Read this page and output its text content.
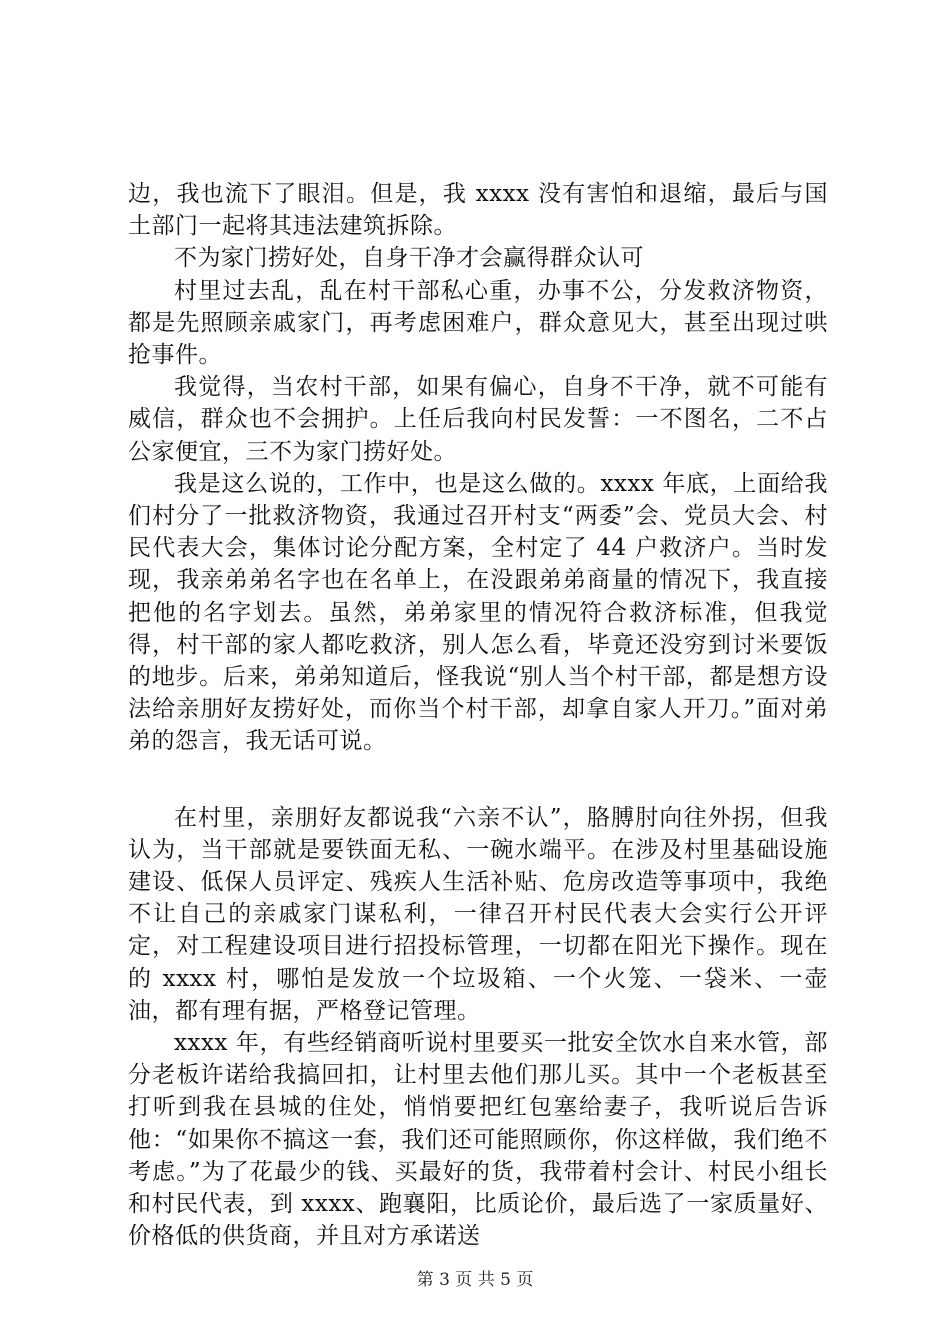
边，我也流下了眼泪。但是，我 xxxx 没有害怕和退缩，最后与国土部门一起将其违法建筑拆除。

不为家门捞好处，自身干净才会赢得群众认可

村里过去乱，乱在村干部私心重，办事不公，分发救济物资，都是先照顾亲戚家门，再考虑困难户，群众意见大，甚至出现过哄抢事件。

我觉得，当农村干部，如果有偏心，自身不干净，就不可能有威信，群众也不会拥护。上任后我向村民发誓：一不图名，二不占公家便宜，三不为家门捞好处。

我是这么说的，工作中，也是这么做的。xxxx 年底，上面给我们村分了一批救济物资，我通过召开村支“两委”会、党员大会、村民代表大会，集体讨论分配方案，全村定了 44 户救济户。当时发现，我亲弟弟名字也在名单上，在没跟弟弟商量的情况下，我直接把他的名字划去。虽然，弟弟家里的情况符合救济标准，但我觉得，村干部的家人都吃救济，别人怎么看，毕竟还没穷到讨米要饭的地步。后来，弟弟知道后，怪我说“别人当个村干部，都是想方设法给亲朋好友捞好处，而你当个村干部，却拿自家人开刀。”面对弟弟的怨言，我无话可说。

在村里，亲朋好友都说我“六亲不认”，胳膊肘向往外拐，但我认为，当干部就是要铁面无私、一碗水端平。在涉及村里基础设施建设、低保人员评定、残疾人生活补贴、危房改造等事项中，我绝不让自己的亲戚家门谋私利，一律召开村民代表大会实行公开评定，对工程建设项目进行招投标管理，一切都在阳光下操作。现在的 xxxx 村，哪怕是发放一个垃圾箱、一个火笼、一袋米、一壶油，都有理有据，严格登记管理。

xxxx 年，有些经销商听说村里要买一批安全饮水自来水管，部分老板许诺给我搞回扣，让村里去他们那儿买。其中一个老板甚至打听到我在县城的住处，悄悄要把红包塞给妻子，我听说后告诉他：“如果你不搞这一套，我们还可能照顾你，你这样做，我们绝不考虑。”为了花最少的钱、买最好的货，我带着村会计、村民小组长和村民代表，到 xxxx、跑襄阳，比质论价，最后选了一家质量好、价格低的供货商，并且对方承诺送

第 3 页 共 5 页
